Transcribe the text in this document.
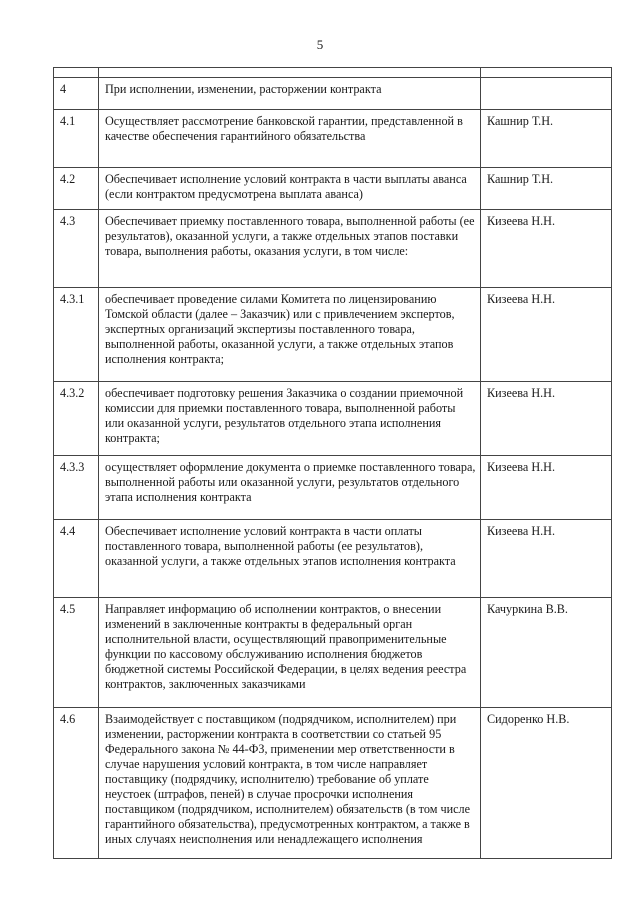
5

4	При исполнении, изменении, расторжении контракта	
4.1	Осуществляет рассмотрение банковской гарантии, представленной в качестве обеспечения гарантийного обязательства	Кашнир Т.Н.
4.2	Обеспечивает исполнение условий контракта в части выплаты аванса (если контрактом предусмотрена выплата аванса)	Кашнир Т.Н.
4.3	Обеспечивает приемку поставленного товара, выполненной работы (ее результатов), оказанной услуги, а также отдельных этапов поставки товара, выполнения работы, оказания услуги, в том числе:	Кизеева Н.Н.
4.3.1	обеспечивает проведение силами Комитета по лицензированию Томской области (далее – Заказчик) или с привлечением экспертов, экспертных организаций экспертизы поставленного товара, выполненной работы, оказанной услуги, а также отдельных этапов исполнения контракта;	Кизеева Н.Н.
4.3.2	обеспечивает подготовку решения Заказчика о создании приемочной комиссии для приемки поставленного товара, выполненной работы или оказанной услуги, результатов отдельного этапа исполнения контракта;	Кизеева Н.Н.
4.3.3	осуществляет оформление документа о приемке поставленного товара, выполненной работы или оказанной услуги, результатов отдельного этапа исполнения контракта	Кизеева Н.Н.
4.4	Обеспечивает исполнение условий контракта в части оплаты поставленного товара, выполненной работы (ее результатов), оказанной услуги, а также отдельных этапов исполнения контракта	Кизеева Н.Н.
4.5	Направляет информацию об исполнении контрактов, о внесении изменений в заключенные контракты в федеральный орган исполнительной власти, осуществляющий правоприменительные функции по кассовому обслуживанию исполнения бюджетов бюджетной системы Российской Федерации, в целях ведения реестра контрактов, заключенных заказчиками	Качуркина В.В.
4.6	Взаимодействует с поставщиком (подрядчиком, исполнителем) при изменении, расторжении контракта в соответствии со статьей 95 Федерального закона № 44-ФЗ, применении мер ответственности в случае нарушения условий контракта, в том числе направляет поставщику (подрядчику, исполнителю) требование об уплате неустоек (штрафов, пеней) в случае просрочки исполнения поставщиком (подрядчиком, исполнителем) обязательств (в том числе гарантийного обязательства), предусмотренных контрактом, а также в иных случаях неисполнения или ненадлежащего исполнения	Сидоренко Н.В.
